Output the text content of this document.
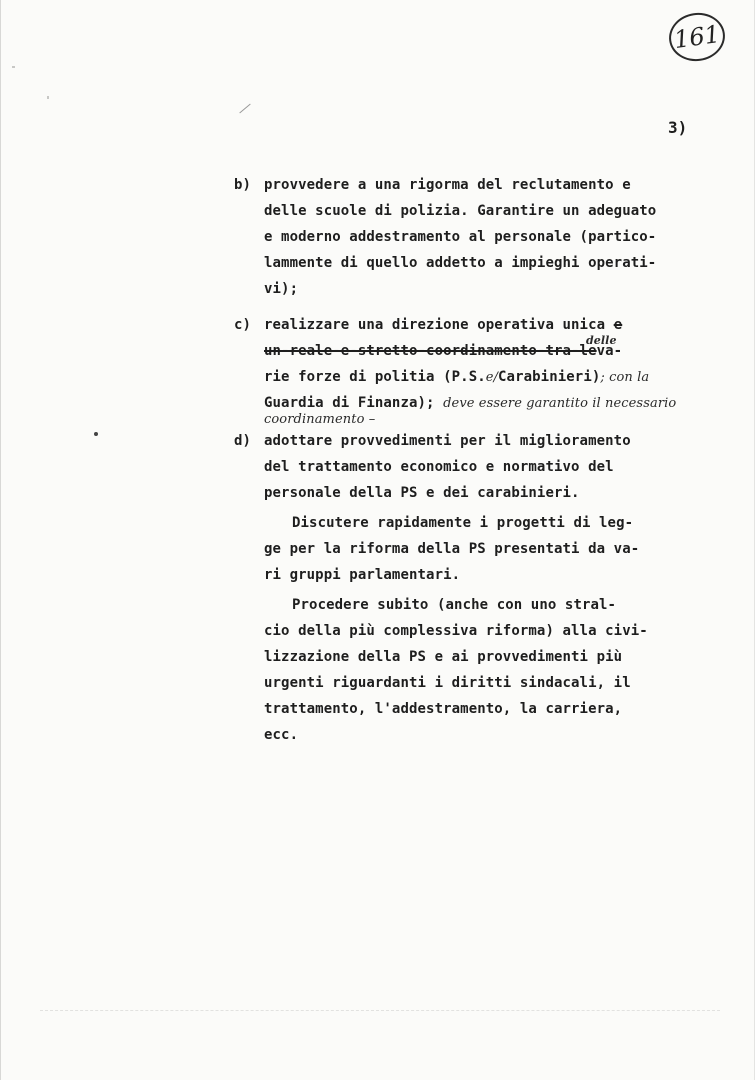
161
3)
b) provvedere a una rigorma del reclutamento e
delle scuole di polizia. Garantire un adeguato
e moderno addestramento al personale (partico-
lammente di quello addetto a impieghi operati-
vi);
c) realizzare una direzione operativa unica e
un-reale-e-stretto-coordinamento-tra-leva-
delle
rie forze di politia (P.S.e/Carabinieri); con la
Guardia di Finanza); deve essere garantito il necessario
coordinamento –
d) adottare provvedimenti per il miglioramento
del trattamento economico e normativo del
personale della PS e dei carabinieri.
Discutere rapidamente i progetti di leg-
ge per la riforma della PS presentati da va-
ri gruppi parlamentari.
Procedere subito (anche con uno stral-
cio della più complessiva riforma) alla civi-
lizzazione della PS e ai provvedimenti più
urgenti riguardanti i diritti sindacali, il
trattamento, l'addestramento, la carriera,
ecc.
